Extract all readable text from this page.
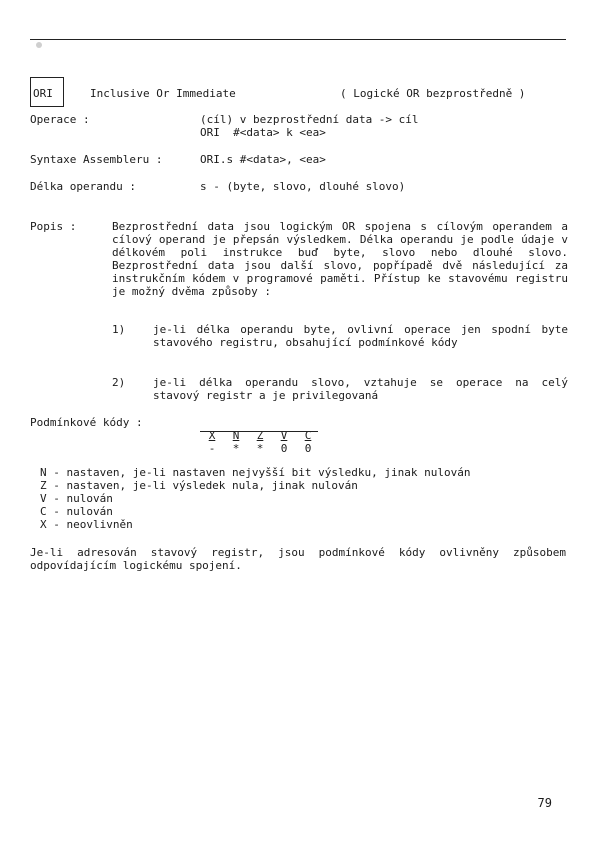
ORI	Inclusive Or Immediate	( Logické OR bezprostředně )
Operace :	(cíl) v bezprostřední data -> cíl
ORI  #<data> k <ea>
Syntaxe Assembleru :	ORI.s #<data>, <ea>
Délka operandu :	s - (byte, slovo, dlouhé slovo)
Popis :	Bezprostřední data jsou logickým OR spojena s cílovým operandem a cílový operand je přepsán výsledkem. Délka operandu je podle údaje v délkovém poli instrukce buď byte, slovo nebo dlouhé slovo. Bezprostřední data jsou další slovo, popřípadě dvě následující za instrukčním kódem v programové paměti. Přístup ke stavovému registru je možný dvěma způsoby :
1)	je-li délka operandu byte, ovlivní operace jen spodní byte stavového registru, obsahující podmínkové kódy
2)	je-li délka operandu slovo, vztahuje se operace na celý stavový registr a je privilegovaná
Podmínkové kódy :
X	N	Z	V	C
-	*	*	0	0
N - nastaven, je-li nastaven nejvyšší bit výsledku, jinak nulován
Z - nastaven, je-li výsledek nula, jinak nulován
V - nulován
C - nulován
X - neovlivněn
Je-li adresován stavový registr, jsou podmínkové kódy ovlivněny způsobem odpovídajícím logickému spojení.
79
